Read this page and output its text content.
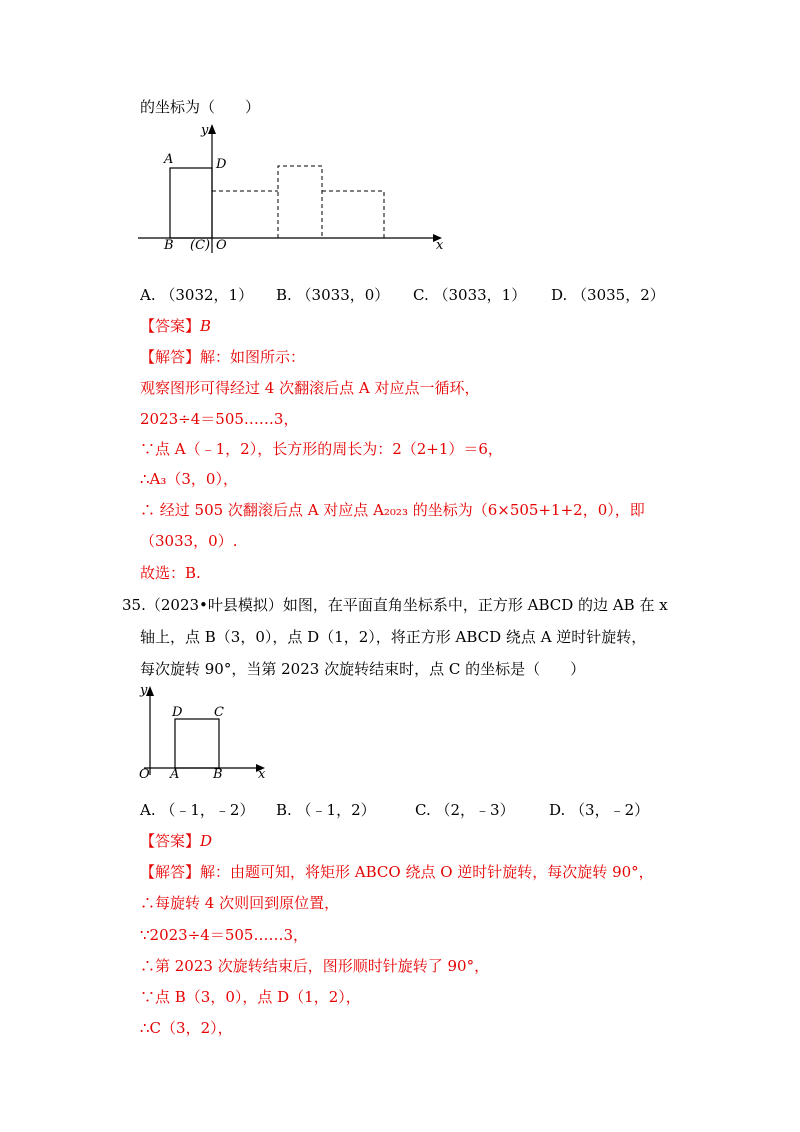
的坐标为（　　）
y
x
A	D
B (C) O
A. （3032，1） B. （3033，0） C. （3033，1） D. （3035，2）
【答案】B
【解答】解：如图所示：
观察图形可得经过 4 次翻滚后点 A 对应点一循环，
2023÷4＝505……3，
∵点 A（﹣1，2），长方形的周长为：2（2+1）＝6，
∴A₃（3，0），
∴ 经过 505 次翻滚后点 A 对应点 A₂₀₂₃ 的坐标为（6×505+1+2，0），即
（3033，0）.
故选：B.
35.（2023•叶县模拟）如图，在平面直角坐标系中，正方形 ABCD 的边 AB 在 x
轴上，点 B（3，0），点 D（1，2），将正方形 ABCD 绕点 A 逆时针旋转，
每次旋转 90°，当第 2023 次旋转结束时，点 C 的坐标是（　　）
y
x
D C
O A	B
A. （﹣1，﹣2） B. （﹣1，2）	C. （2，﹣3） D. （3，﹣2）
【答案】D
【解答】解：由题可知，将矩形 ABCO 绕点 O 逆时针旋转，每次旋转 90°，
∴每旋转 4 次则回到原位置，
∵2023÷4＝505……3，
∴第 2023 次旋转结束后，图形顺时针旋转了 90°，
∵点 B（3，0），点 D（1，2），
∴C（3，2），
